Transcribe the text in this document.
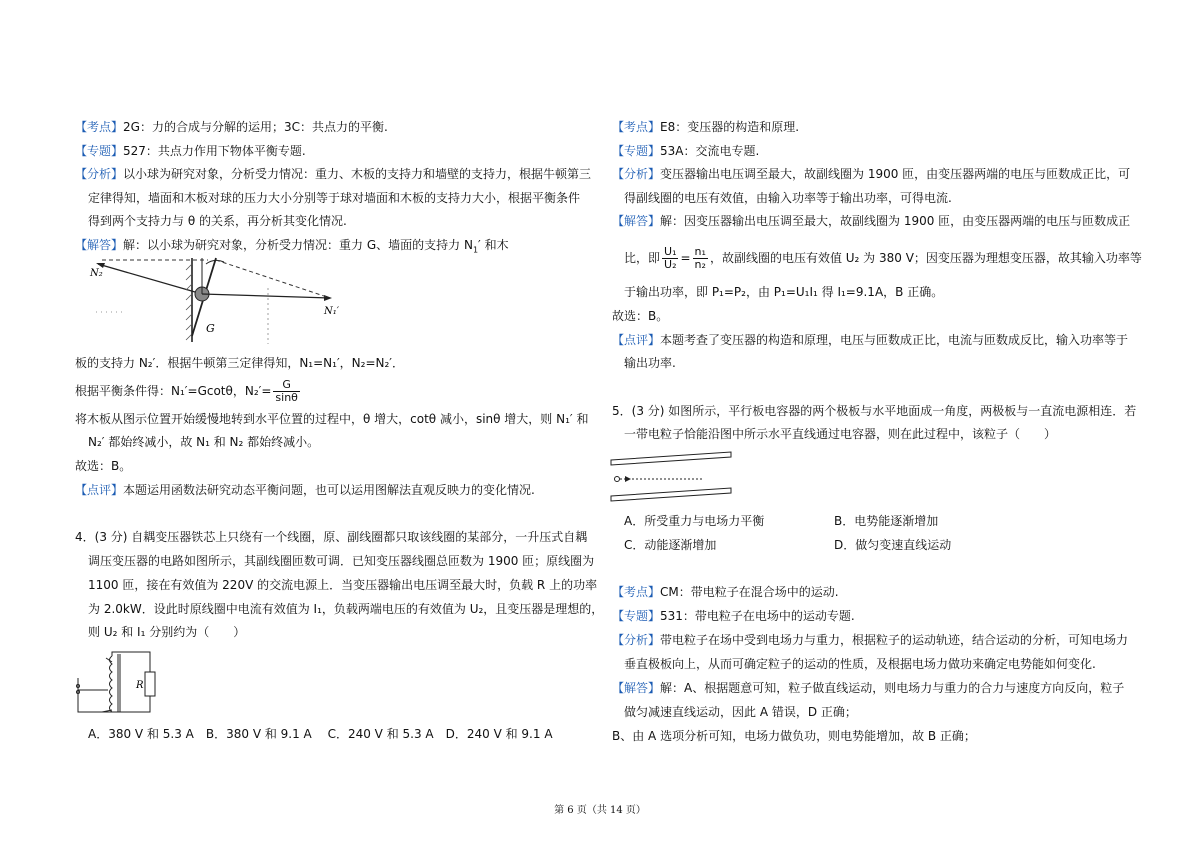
【考点】2G：力的合成与分解的运用；3C：共点力的平衡.
【专题】527：共点力作用下物体平衡专题.
【分析】以小球为研究对象，分析受力情况：重力、木板的支持力和墙壁的支持力，根据牛顿第三
定律得知，墙面和木板对球的压力大小分别等于球对墙面和木板的支持力大小，根据平衡条件
得到两个支持力与 θ 的关系，再分析其变化情况.
【解答】解：以小球为研究对象，分析受力情况：重力 G、墙面的支持力 $N_1'$ 和木
N₂
N₁′
G
板的支持力 N₂′．根据牛顿第三定律得知，N₁=N₁′，N₂=N₂′．
根据平衡条件得：N₁′=Gcotθ，$N_2'= \frac{G}{\sin\theta}$
将木板从图示位置开始缓慢地转到水平位置的过程中，θ 增大，cotθ 减小，sinθ 增大，则 N₁′ 和
N₂′ 都始终减小，故 N₁ 和 N₂ 都始终减小。
故选：B。
【点评】本题运用函数法研究动态平衡问题，也可以运用图解法直观反映力的变化情况.
4．(3 分) 自耦变压器铁芯上只绕有一个线圈，原、副线圈都只取该线圈的某部分，一升压式自耦
调压变压器的电路如图所示，其副线圈匝数可调．已知变压器线圈总匝数为 1900 匝；原线圈为
1100 匝，接在有效值为 220V 的交流电源上．当变压器输出电压调至最大时，负载 R 上的功率
为 2.0kW．设此时原线圈中电流有效值为 I₁，负载两端电压的有效值为 U₂，且变压器是理想的，
则 U₂ 和 I₁ 分别约为（　　）
R
A．380 V 和 5.3 A　B．380 V 和 9.1 A　 C．240 V 和 5.3 A　D．240 V 和 9.1 A
【考点】E8：变压器的构造和原理.
【专题】53A：交流电专题.
【分析】变压器输出电压调至最大，故副线圈为 1900 匝，由变压器两端的电压与匝数成正比，可
得副线圈的电压有效值，由输入功率等于输出功率，可得电流.
【解答】解：因变压器输出电压调至最大，故副线圈为 1900 匝，由变压器两端的电压与匝数成正
比，即 $\frac{\text{U₁}}{\text{U₂}} = \frac{\text{n₁}}{\text{n₂}}$ ，故副线圈的电压有效值 U₂ 为 380 V；因变压器为理想变压器，故其输入功率等
于输出功率，即 P₁=P₂，由 P₁=U₁I₁ 得 I₁=9.1A，B 正确。
故选：B。
【点评】本题考查了变压器的构造和原理，电压与匝数成正比，电流与匝数成反比，输入功率等于
输出功率.
5．(3 分) 如图所示，平行板电容器的两个极板与水平地面成一角度，两极板与一直流电源相连．若
一带电粒子恰能沿图中所示水平直线通过电容器，则在此过程中，该粒子（　　）
A．所受重力与电场力平衡	B．电势能逐渐增加
C．动能逐渐增加	D．做匀变速直线运动
【考点】CM：带电粒子在混合场中的运动.
【专题】531：带电粒子在电场中的运动专题.
【分析】带电粒子在场中受到电场力与重力，根据粒子的运动轨迹，结合运动的分析，可知电场力
垂直极板向上，从而可确定粒子的运动的性质，及根据电场力做功来确定电势能如何变化.
【解答】解：A、根据题意可知，粒子做直线运动，则电场力与重力的合力与速度方向反向，粒子
做匀减速直线运动，因此 A 错误，D 正确；
B、由 A 选项分析可知，电场力做负功，则电势能增加，故 B 正确；
第 6 页（共 14 页）
